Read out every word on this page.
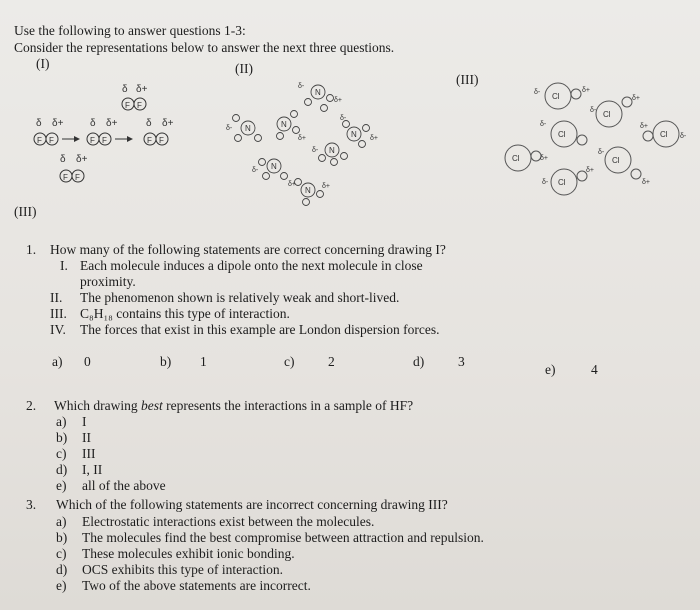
Use the following to answer questions 1-3:
Consider the representations below to answer the next three questions.
(I)	(II)
(III)
(III)
δ δ+
F F
δ δ+	δ δ+	δ δ+
F F	F F	F F
δ δ+
F F
N
N	N
N
N
N
N
δ-
δ+
δ-
δ+
δ-
δ+
δ-
δ-
δ+	δ+
Cl
Cl
Cl	Cl
Cl	Cl
Cl
δ-	δ+
δ-
δ+
δ-	δ+
δ-
δ+
δ-
δ+
δ-	δ+
1. How many of the following statements are correct concerning drawing I?
I. Each molecule induces a dipole onto the next molecule in close
proximity.
II. The phenomenon shown is relatively weak and short-lived.
III. C₈H₁₈ contains this type of interaction.
IV. The forces that exist in this example are London dispersion forces.
a) 0	b) 1	c) 2	d)	3
e)	4
2. Which drawing best represents the interactions in a sample of HF?
a) I
b) II
c) III
d) I, II
e) all of the above
3. Which of the following statements are incorrect concerning drawing III?
a) Electrostatic interactions exist between the molecules.
b) The molecules find the best compromise between attraction and repulsion.
c) These molecules exhibit ionic bonding.
d) OCS exhibits this type of interaction.
e) Two of the above statements are incorrect.
